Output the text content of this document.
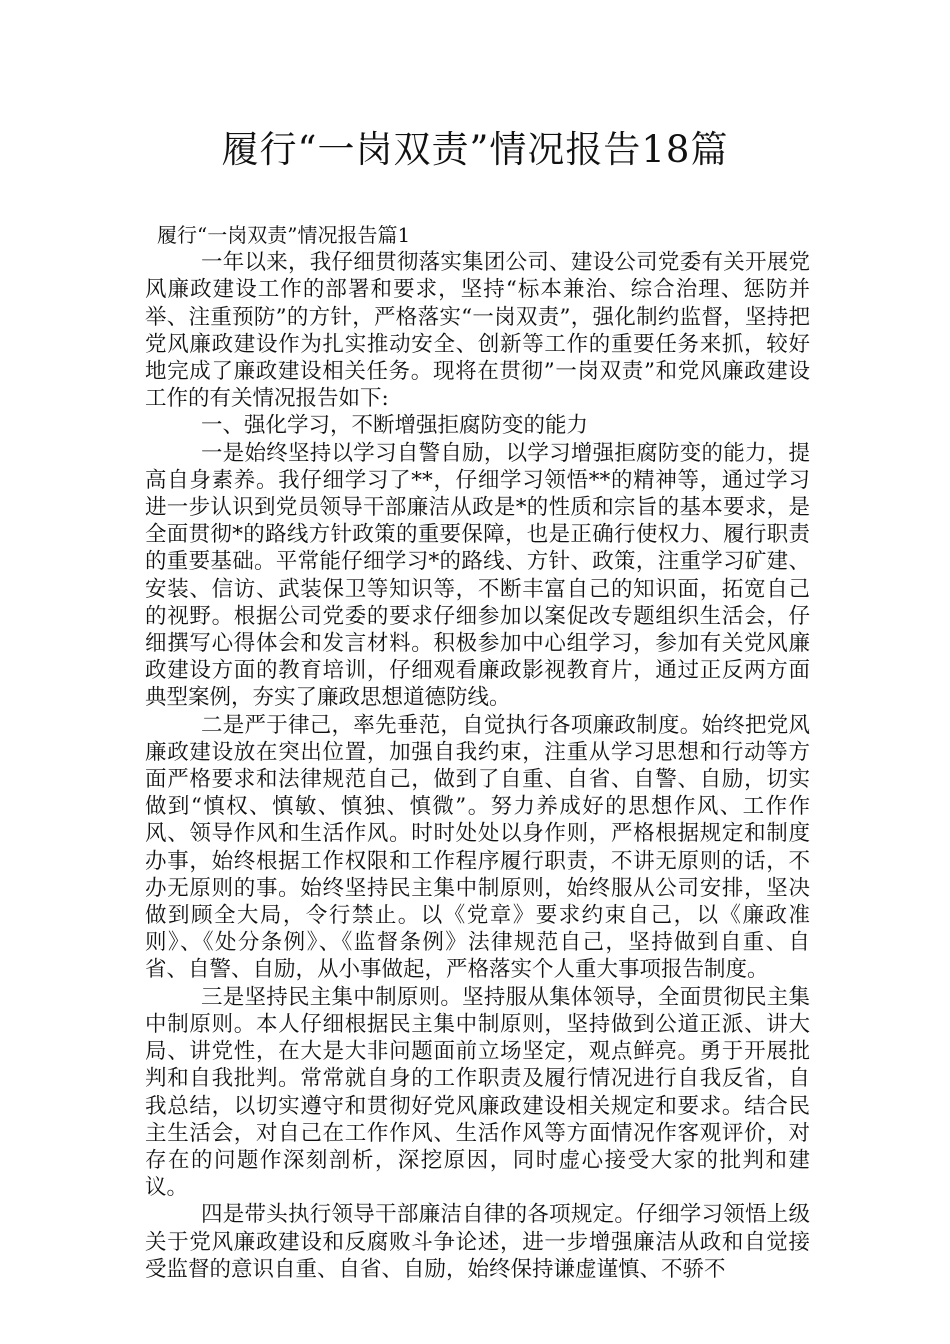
履行“一岗双责”情况报告18篇

履行“一岗双责”情况报告篇1

一年以来，我仔细贯彻落实集团公司、建设公司党委有关开展党风廉政建设工作的部署和要求，坚持“标本兼治、综合治理、惩防并举、注重预防”的方针，严格落实“一岗双责”，强化制约监督，坚持把党风廉政建设作为扎实推动安全、创新等工作的重要任务来抓，较好地完成了廉政建设相关任务。现将在贯彻”一岗双责”和党风廉政建设工作的有关情况报告如下:

一、强化学习，不断增强拒腐防变的能力

一是始终坚持以学习自警自励，以学习增强拒腐防变的能力，提高自身素养。我仔细学习了**，仔细学习领悟**的精神等，通过学习进一步认识到党员领导干部廉洁从政是*的性质和宗旨的基本要求，是全面贯彻*的路线方针政策的重要保障，也是正确行使权力、履行职责的重要基础。平常能仔细学习*的路线、方针、政策，注重学习矿建、安装、信访、武装保卫等知识等，不断丰富自己的知识面，拓宽自己的视野。根据公司党委的要求仔细参加以案促改专题组织生活会，仔细撰写心得体会和发言材料。积极参加中心组学习，参加有关党风廉政建设方面的教育培训，仔细观看廉政影视教育片，通过正反两方面典型案例，夯实了廉政思想道德防线。

二是严于律己，率先垂范，自觉执行各项廉政制度。始终把党风廉政建设放在突出位置，加强自我约束，注重从学习思想和行动等方面严格要求和法律规范自己，做到了自重、自省、自警、自励，切实做到“慎权、慎敏、慎独、慎微”。努力养成好的思想作风、工作作风、领导作风和生活作风。时时处处以身作则，严格根据规定和制度办事，始终根据工作权限和工作程序履行职责，不讲无原则的话，不办无原则的事。始终坚持民主集中制原则，始终服从公司安排，坚决做到顾全大局，令行禁止。以《党章》要求约束自己，以《廉政准则》、《处分条例》、《监督条例》法律规范自己，坚持做到自重、自省、自警、自励，从小事做起，严格落实个人重大事项报告制度。

三是坚持民主集中制原则。坚持服从集体领导，全面贯彻民主集中制原则。本人仔细根据民主集中制原则，坚持做到公道正派、讲大局、讲党性，在大是大非问题面前立场坚定，观点鲜亮。勇于开展批判和自我批判。常常就自身的工作职责及履行情况进行自我反省，自我总结，以切实遵守和贯彻好党风廉政建设相关规定和要求。结合民主生活会，对自己在工作作风、生活作风等方面情况作客观评价，对存在的问题作深刻剖析，深挖原因，同时虚心接受大家的批判和建议。

四是带头执行领导干部廉洁自律的各项规定。仔细学习领悟上级关于党风廉政建设和反腐败斗争论述，进一步增强廉洁从政和自觉接受监督的意识自重、自省、自励，始终保持谦虚谨慎、不骄不
